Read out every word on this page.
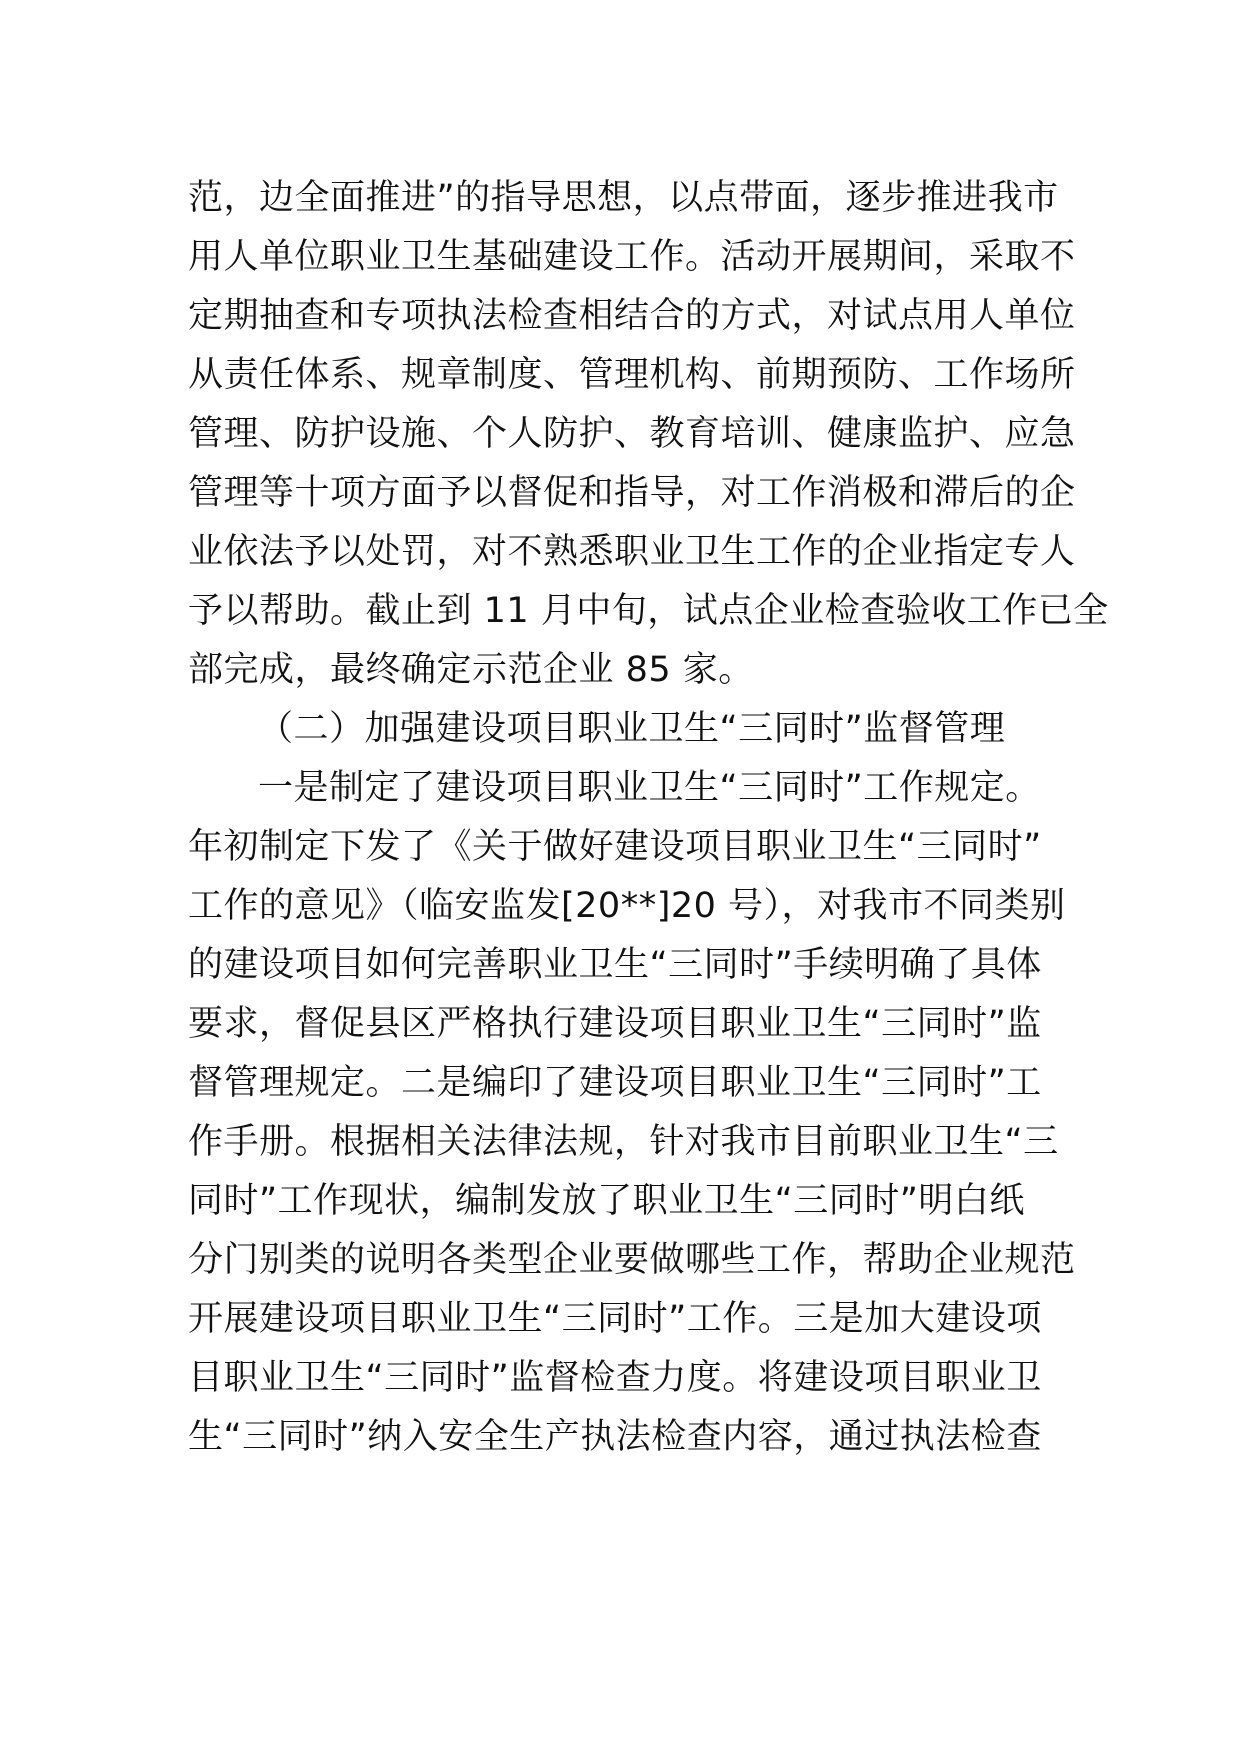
范，边全面推进”的指导思想，以点带面，逐步推进我市
用人单位职业卫生基础建设工作。活动开展期间，采取不
定期抽查和专项执法检查相结合的方式，对试点用人单位
从责任体系、规章制度、管理机构、前期预防、工作场所
管理、防护设施、个人防护、教育培训、健康监护、应急
管理等十项方面予以督促和指导，对工作消极和滞后的企
业依法予以处罚，对不熟悉职业卫生工作的企业指定专人
予以帮助。截止到 11 月中旬，试点企业检查验收工作已全
部完成，最终确定示范企业 85 家。
（二）加强建设项目职业卫生“三同时”监督管理
一是制定了建设项目职业卫生“三同时”工作规定。
年初制定下发了《关于做好建设项目职业卫生“三同时”
工作的意见》（临安监发[20**]20 号），对我市不同类别
的建设项目如何完善职业卫生“三同时”手续明确了具体
要求，督促县区严格执行建设项目职业卫生“三同时”监
督管理规定。二是编印了建设项目职业卫生“三同时”工
作手册。根据相关法律法规，针对我市目前职业卫生“三
同时”工作现状，编制发放了职业卫生“三同时”明白纸
分门别类的说明各类型企业要做哪些工作，帮助企业规范
开展建设项目职业卫生“三同时”工作。三是加大建设项
目职业卫生“三同时”监督检查力度。将建设项目职业卫
生“三同时”纳入安全生产执法检查内容，通过执法检查
